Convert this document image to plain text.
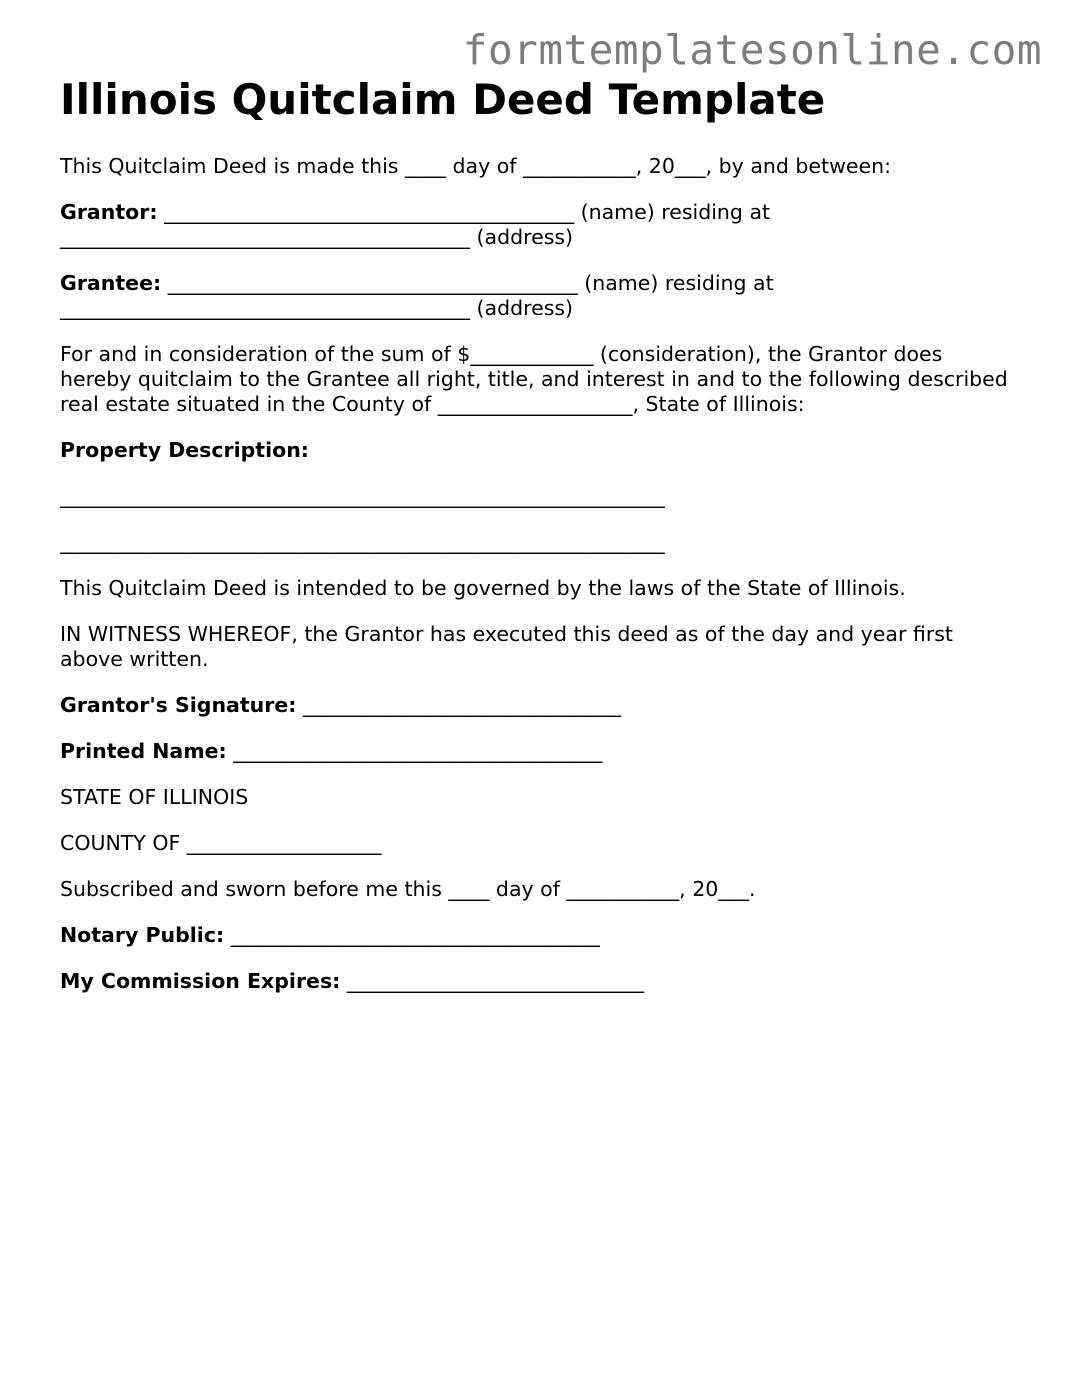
formtemplatesonline.com
Illinois Quitclaim Deed Template

This Quitclaim Deed is made this ____ day of ___________, 20___, by and between:

Grantor: ________________________________________ (name) residing at
________________________________________ (address)

Grantee: ________________________________________ (name) residing at
________________________________________ (address)

For and in consideration of the sum of $____________ (consideration), the Grantor does hereby quitclaim to the Grantee all right, title, and interest in and to the following described real estate situated in the County of ___________________, State of Illinois:

Property Description:

___________________________________________________________

___________________________________________________________

This Quitclaim Deed is intended to be governed by the laws of the State of Illinois.

IN WITNESS WHEREOF, the Grantor has executed this deed as of the day and year first above written.

Grantor's Signature: _______________________________

Printed Name: ____________________________________

STATE OF ILLINOIS

COUNTY OF ___________________

Subscribed and sworn before me this ____ day of ___________, 20___.

Notary Public: ____________________________________

My Commission Expires: _____________________________
